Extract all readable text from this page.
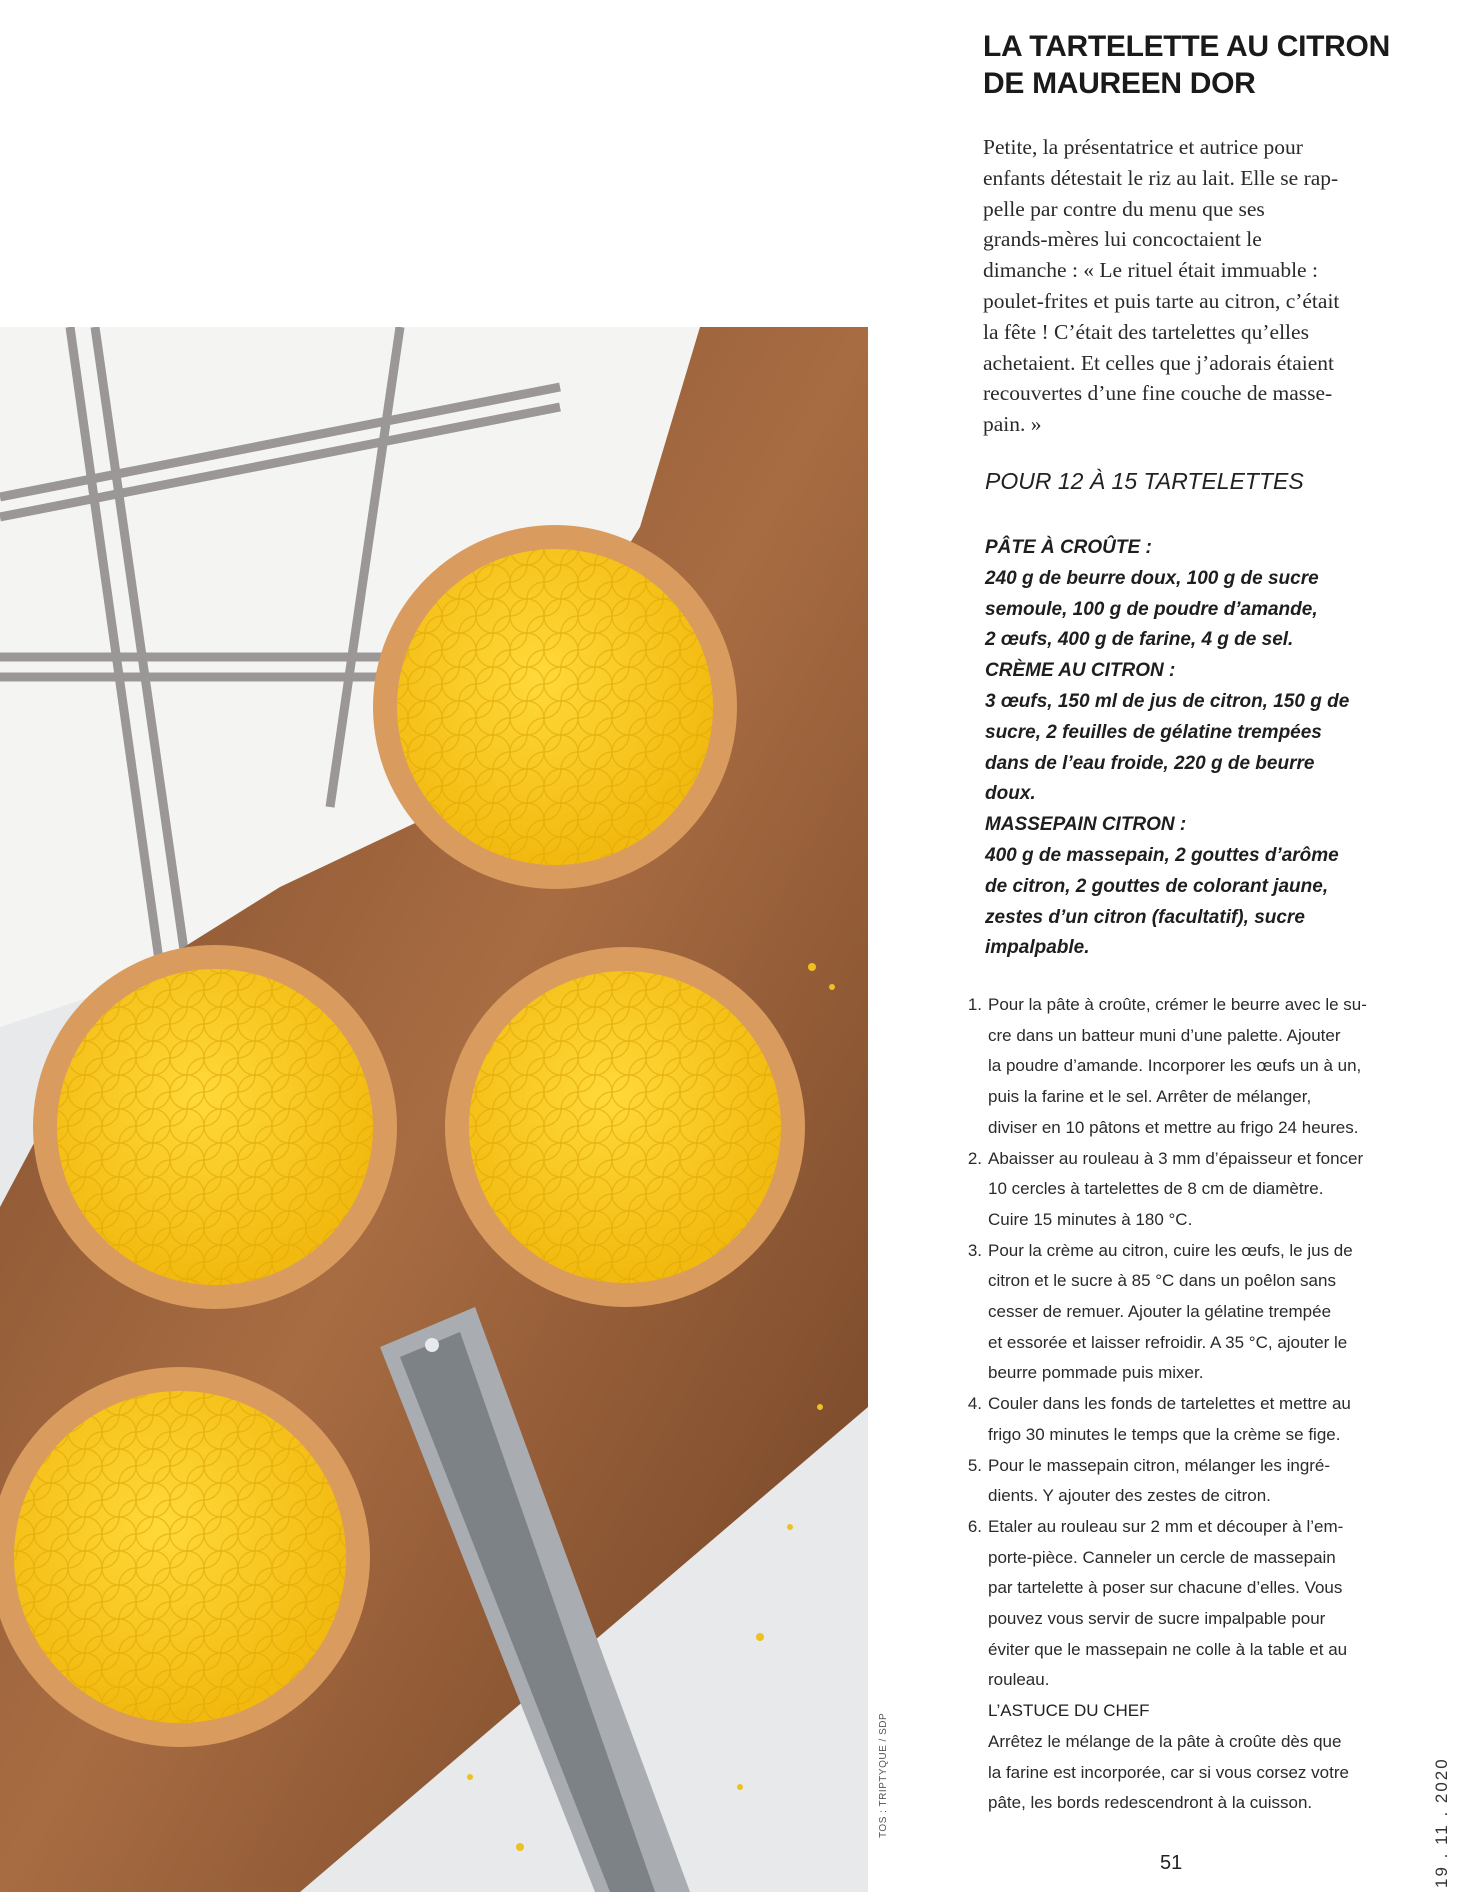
TOS : TRIPTYQUE / SDP
LA TARTELETTE AU CITRON
DE MAUREEN DOR
Petite, la présentatrice et autrice pour
enfants détestait le riz au lait. Elle se rap-
pelle par contre du menu que ses
grands-mères lui concoctaient le
dimanche : « Le rituel était immuable :
poulet-frites et puis tarte au citron, c’était
la fête ! C’était des tartelettes qu’elles
achetaient. Et celles que j’adorais étaient
recouvertes d’une fine couche de masse-
pain. »
POUR 12 À 15 TARTELETTES
PÂTE À CROÛTE :
240 g de beurre doux, 100 g de sucre
semoule, 100 g de poudre d’amande,
2 œufs, 400 g de farine, 4 g de sel.
CRÈME AU CITRON :
3 œufs, 150 ml de jus de citron, 150 g de
sucre, 2 feuilles de gélatine trempées
dans de l’eau froide, 220 g de beurre
doux.
MASSEPAIN CITRON :
400 g de massepain, 2 gouttes d’arôme
de citron, 2 gouttes de colorant jaune,
zestes d’un citron (facultatif), sucre
impalpable.
1. Pour la pâte à croûte, crémer le beurre avec le su-
cre dans un batteur muni d’une palette. Ajouter
la poudre d’amande. Incorporer les œufs un à un,
puis la farine et le sel. Arrêter de mélanger,
diviser en 10 pâtons et mettre au frigo 24 heures.
2. Abaisser au rouleau à 3 mm d’épaisseur et foncer
10 cercles à tartelettes de 8 cm de diamètre.
Cuire 15 minutes à 180 °C.
3. Pour la crème au citron, cuire les œufs, le jus de
citron et le sucre à 85 °C dans un poêlon sans
cesser de remuer. Ajouter la gélatine trempée
et essorée et laisser refroidir. A 35 °C, ajouter le
beurre pommade puis mixer.
4. Couler dans les fonds de tartelettes et mettre au
frigo 30 minutes le temps que la crème se fige.
5. Pour le massepain citron, mélanger les ingré-
dients. Y ajouter des zestes de citron.
6. Etaler au rouleau sur 2 mm et découper à l’em-
porte-pièce. Canneler un cercle de massepain
par tartelette à poser sur chacune d’elles. Vous
pouvez vous servir de sucre impalpable pour
éviter que le massepain ne colle à la table et au
rouleau.
L’ASTUCE DU CHEF
Arrêtez le mélange de la pâte à croûte dès que
la farine est incorporée, car si vous corsez votre
pâte, les bords redescendront à la cuisson.
51	19 . 11 . 2020
